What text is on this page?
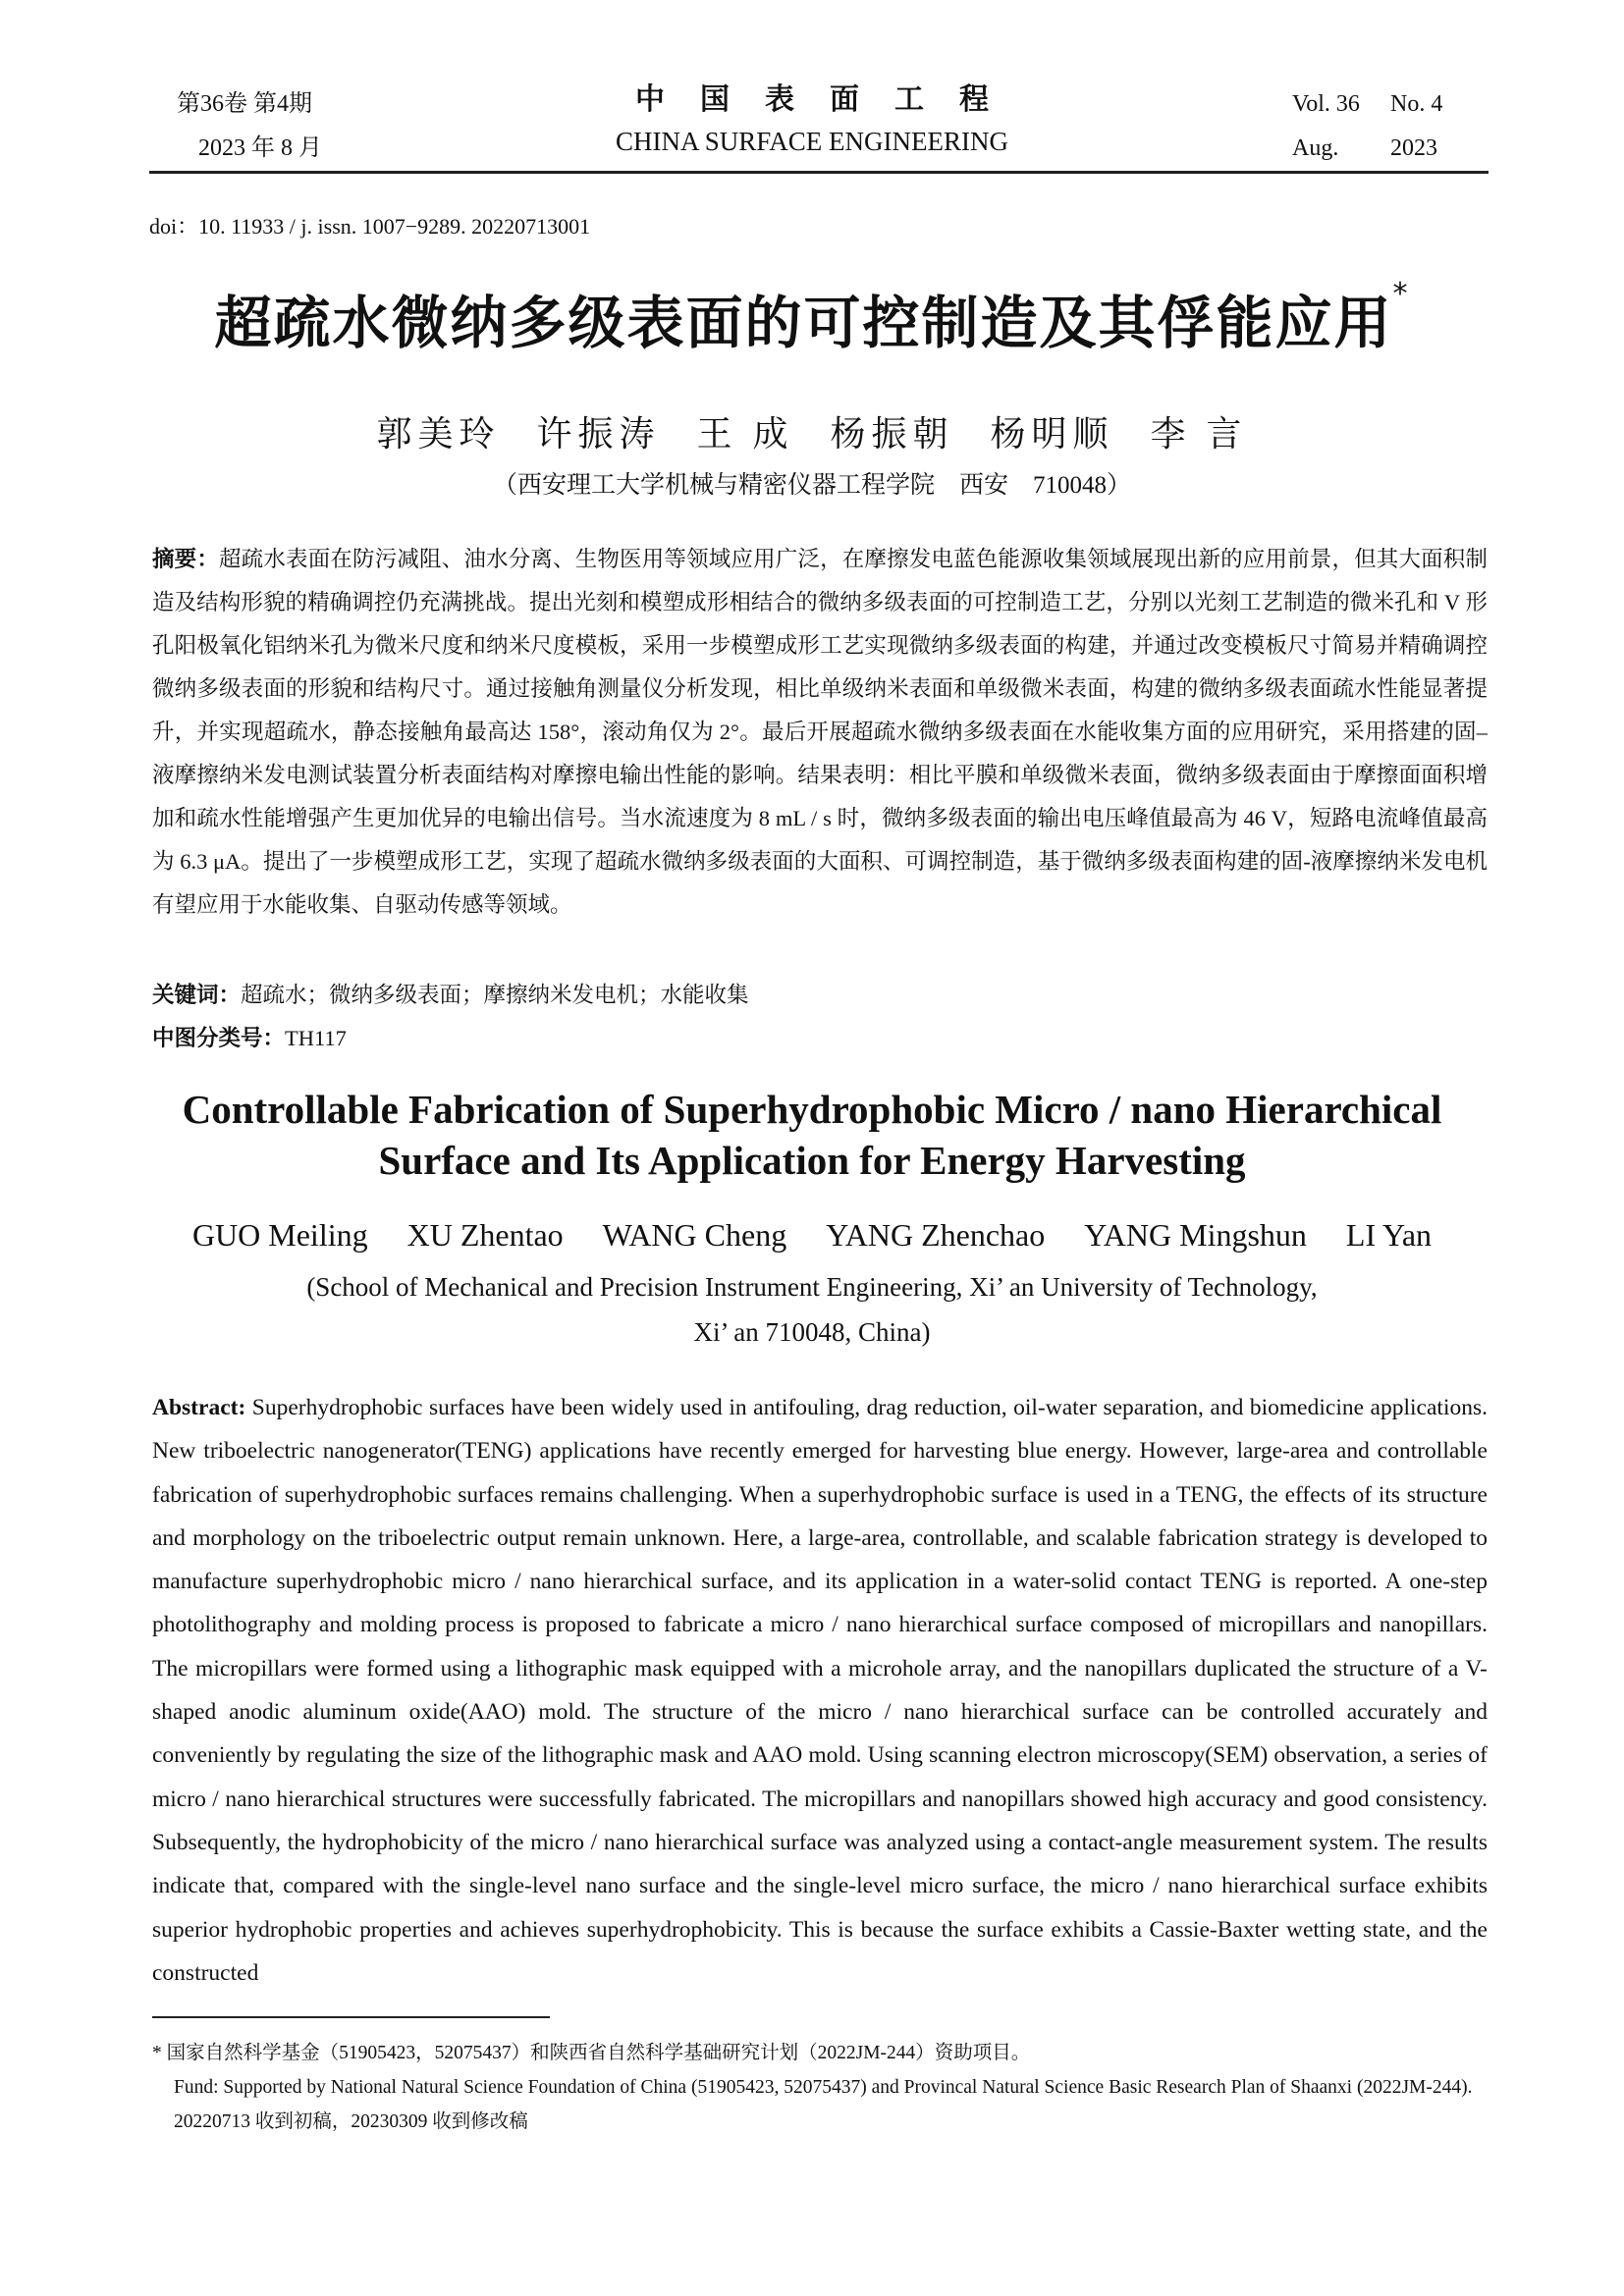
第36卷 第4期
2023 年 8 月
中国表面工程
CHINA SURFACE ENGINEERING
Vol. 36 No. 4
Aug. 2023
doi：10. 11933 / j. issn. 1007−9289. 20220713001
超疏水微纳多级表面的可控制造及其俘能应用*
郭美玲 许振涛 王 成 杨振朝 杨明顺 李 言
（西安理工大学机械与精密仪器工程学院　西安　710048）
摘要：超疏水表面在防污减阻、油水分离、生物医用等领域应用广泛，在摩擦发电蓝色能源收集领域展现出新的应用前景，但其大面积制造及结构形貌的精确调控仍充满挑战。提出光刻和模塑成形相结合的微纳多级表面的可控制造工艺，分别以光刻工艺制造的微米孔和 V 形孔阳极氧化铝纳米孔为微米尺度和纳米尺度模板，采用一步模塑成形工艺实现微纳多级表面的构建，并通过改变模板尺寸简易并精确调控微纳多级表面的形貌和结构尺寸。通过接触角测量仪分析发现，相比单级纳米表面和单级微米表面，构建的微纳多级表面疏水性能显著提升，并实现超疏水，静态接触角最高达 158°，滚动角仅为 2°。最后开展超疏水微纳多级表面在水能收集方面的应用研究，采用搭建的固–液摩擦纳米发电测试装置分析表面结构对摩擦电输出性能的影响。结果表明：相比平膜和单级微米表面，微纳多级表面由于摩擦面面积增加和疏水性能增强产生更加优异的电输出信号。当水流速度为 8 mL / s 时，微纳多级表面的输出电压峰值最高为 46 V，短路电流峰值最高为 6.3 μA。提出了一步模塑成形工艺，实现了超疏水微纳多级表面的大面积、可调控制造，基于微纳多级表面构建的固-液摩擦纳米发电机有望应用于水能收集、自驱动传感等领域。
关键词：超疏水；微纳多级表面；摩擦纳米发电机；水能收集
中图分类号：TH117
Controllable Fabrication of Superhydrophobic Micro / nano Hierarchical
Surface and Its Application for Energy Harvesting
GUO Meiling XU Zhentao WANG Cheng YANG Zhenchao YANG Mingshun LI Yan
(School of Mechanical and Precision Instrument Engineering, Xi’ an University of Technology,
Xi’ an 710048, China)
Abstract: Superhydrophobic surfaces have been widely used in antifouling, drag reduction, oil-water separation, and biomedicine applications. New triboelectric nanogenerator(TENG) applications have recently emerged for harvesting blue energy. However, large-area and controllable fabrication of superhydrophobic surfaces remains challenging. When a superhydrophobic surface is used in a TENG, the effects of its structure and morphology on the triboelectric output remain unknown. Here, a large-area, controllable, and scalable fabrication strategy is developed to manufacture superhydrophobic micro / nano hierarchical surface, and its application in a water-solid contact TENG is reported. A one-step photolithography and molding process is proposed to fabricate a micro / nano hierarchical surface composed of micropillars and nanopillars. The micropillars were formed using a lithographic mask equipped with a microhole array, and the nanopillars duplicated the structure of a V-shaped anodic aluminum oxide(AAO) mold. The structure of the micro / nano hierarchical surface can be controlled accurately and conveniently by regulating the size of the lithographic mask and AAO mold. Using scanning electron microscopy(SEM) observation, a series of micro / nano hierarchical structures were successfully fabricated. The micropillars and nanopillars showed high accuracy and good consistency. Subsequently, the hydrophobicity of the micro / nano hierarchical surface was analyzed using a contact-angle measurement system. The results indicate that, compared with the single-level nano surface and the single-level micro surface, the micro / nano hierarchical surface exhibits superior hydrophobic properties and achieves superhydrophobicity. This is because the surface exhibits a Cassie-Baxter wetting state, and the constructed
* 国家自然科学基金（51905423，52075437）和陕西省自然科学基础研究计划（2022JM-244）资助项目。
Fund: Supported by National Natural Science Foundation of China (51905423, 52075437) and Provincal Natural Science Basic Research Plan of Shaanxi (2022JM-244).
20220713 收到初稿，20230309 收到修改稿
